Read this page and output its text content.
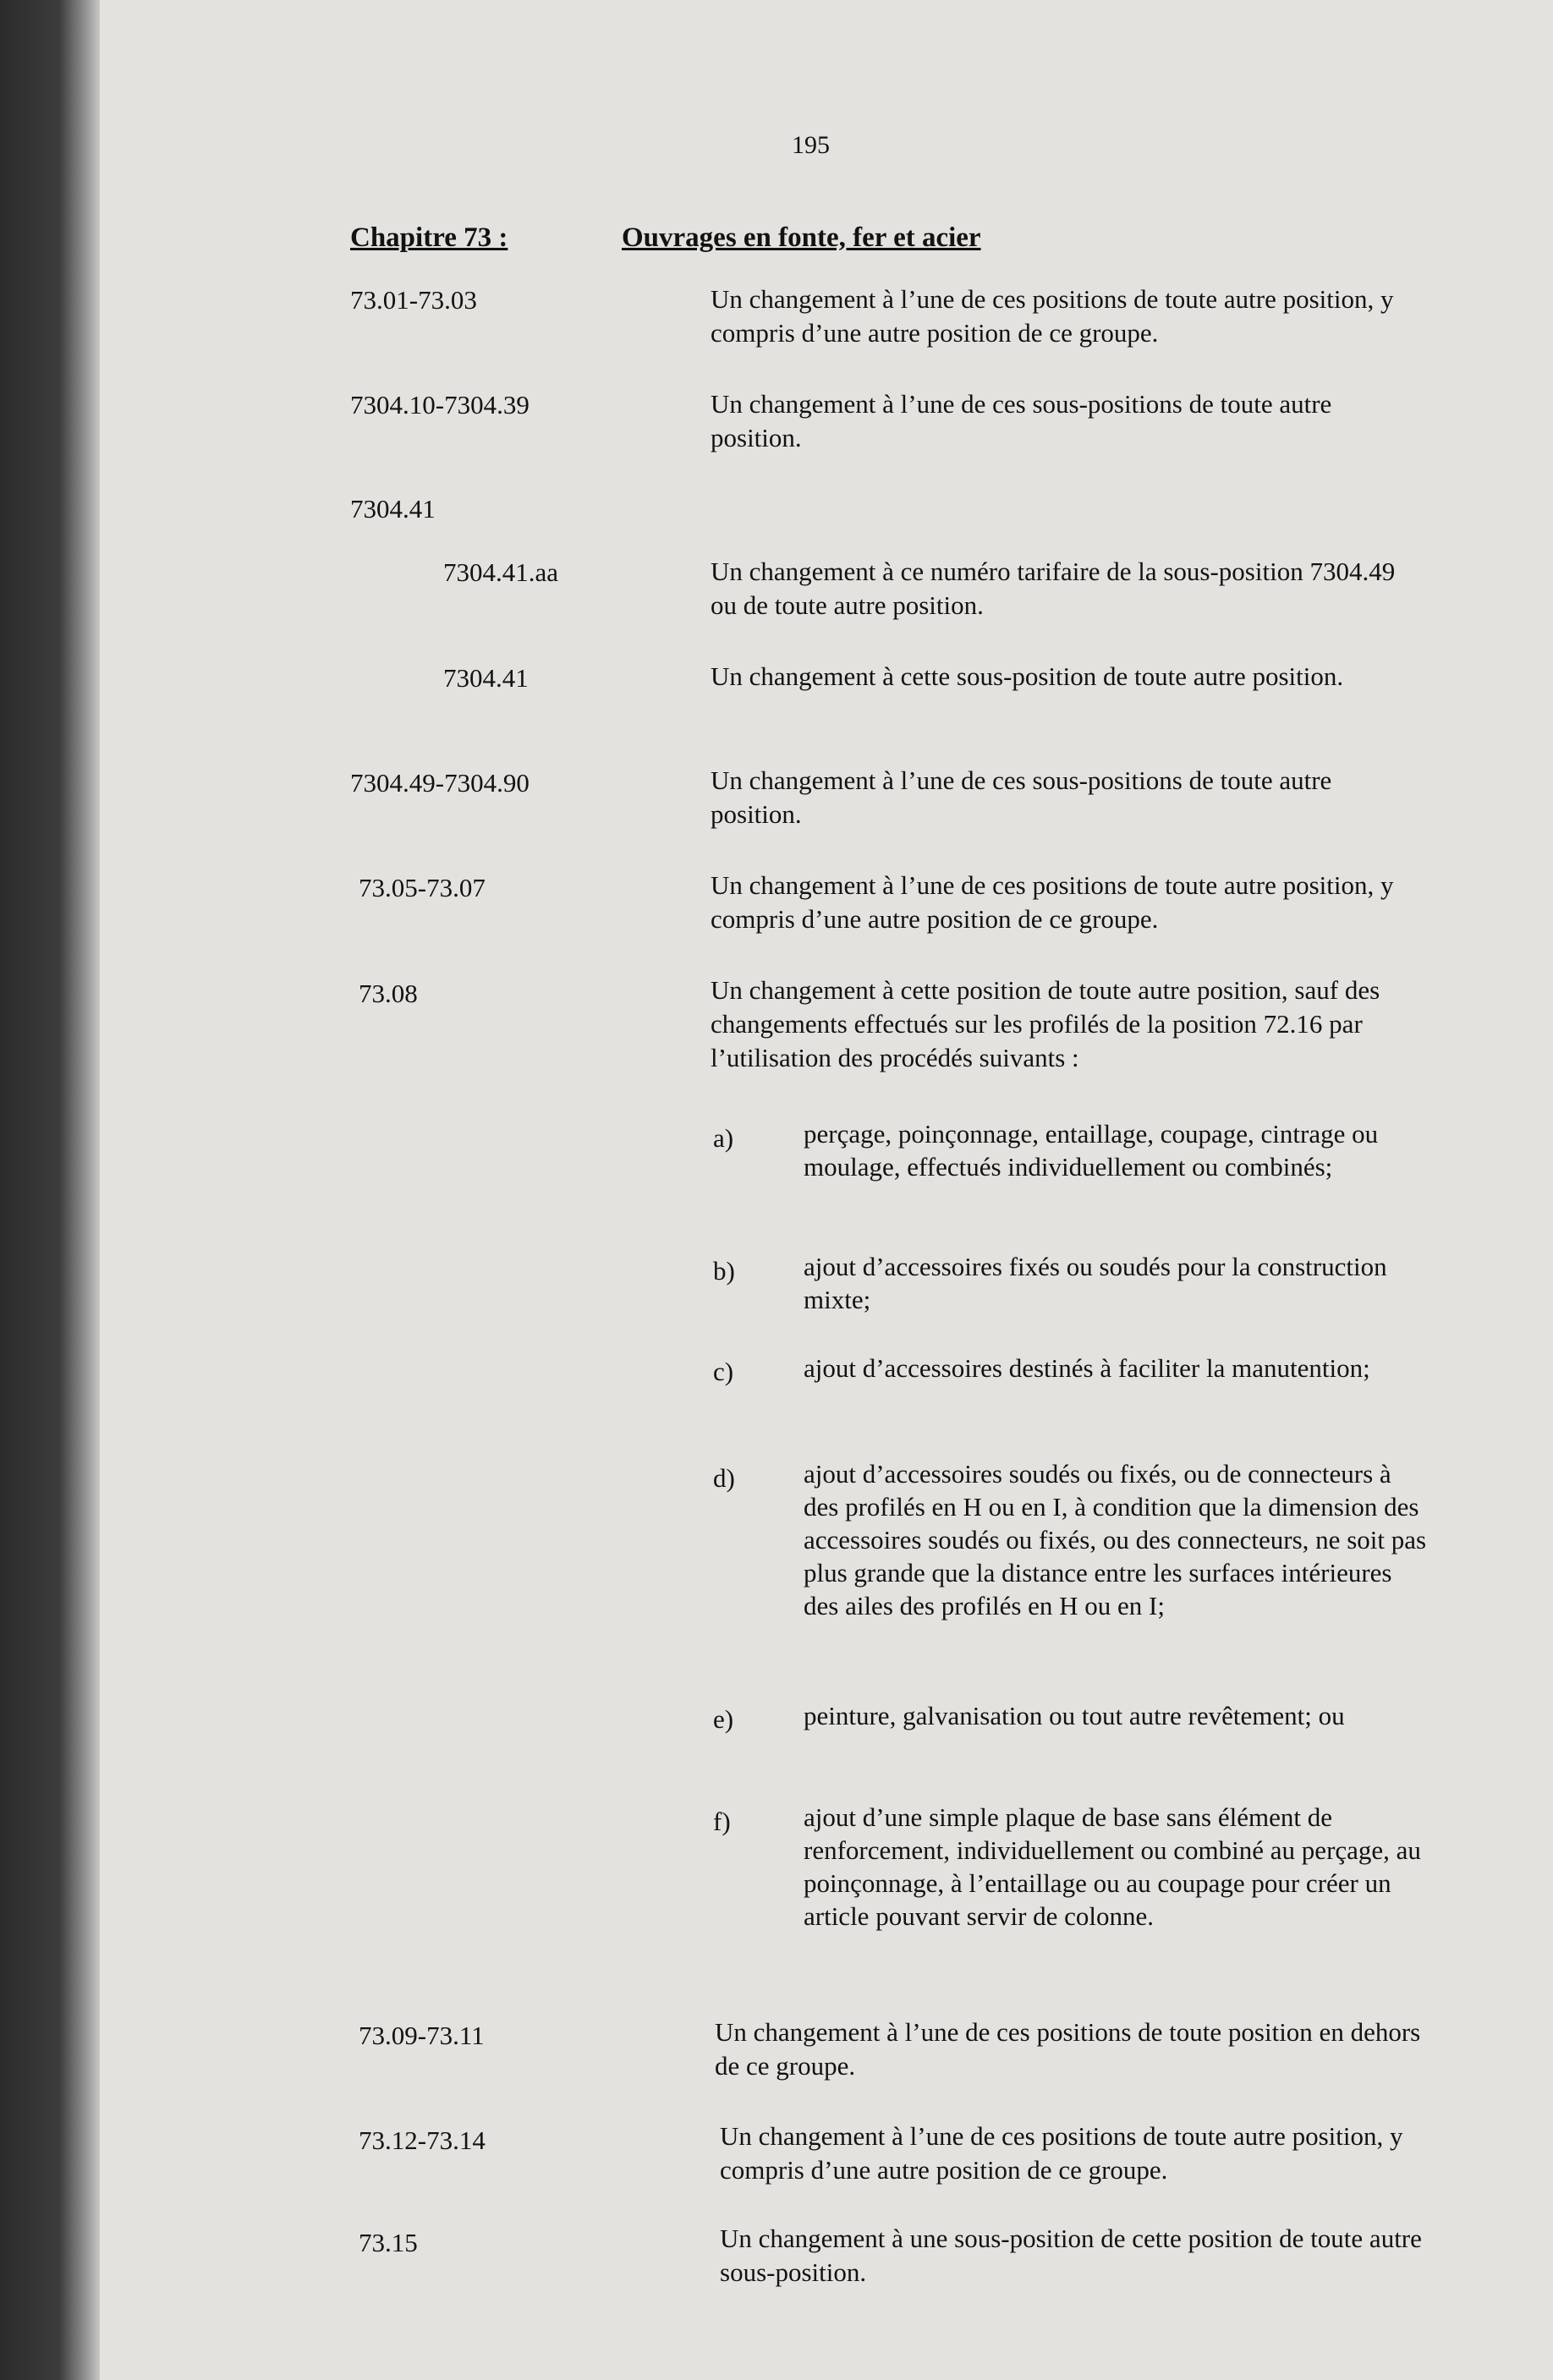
195
Chapitre 73 :	Ouvrages en fonte, fer et acier
73.01-73.03	Un changement à l’une de ces positions de toute autre position, y compris d’une autre position de ce groupe.
7304.10-7304.39	Un changement à l’une de ces sous-positions de toute autre position.
7304.41
7304.41.aa	Un changement à ce numéro tarifaire de la sous-position 7304.49 ou de toute autre position.
7304.41	Un changement à cette sous-position de toute autre position.
7304.49-7304.90	Un changement à l’une de ces sous-positions de toute autre position.
73.05-73.07	Un changement à l’une de ces positions de toute autre position, y compris d’une autre position de ce groupe.
73.08	Un changement à cette position de toute autre position, sauf des changements effectués sur les profilés de la position 72.16 par l’utilisation des procédés suivants :
a)	perçage, poinçonnage, entaillage, coupage, cintrage ou moulage, effectués individuellement ou combinés;
b)	ajout d’accessoires fixés ou soudés pour la construction mixte;
c)	ajout d’accessoires destinés à faciliter la manutention;
d)	ajout d’accessoires soudés ou fixés, ou de connecteurs à des profilés en H ou en I, à condition que la dimension des accessoires soudés ou fixés, ou des connecteurs, ne soit pas plus grande que la distance entre les surfaces intérieures des ailes des profilés en H ou en I;
e)	peinture, galvanisation ou tout autre revêtement; ou
f)	ajout d’une simple plaque de base sans élément de renforcement, individuellement ou combiné au perçage, au poinçonnage, à l’entaillage ou au coupage pour créer un article pouvant servir de colonne.
73.09-73.11	Un changement à l’une de ces positions de toute position en dehors de ce groupe.
73.12-73.14	Un changement à l’une de ces positions de toute autre position, y compris d’une autre position de ce groupe.
73.15	Un changement à une sous-position de cette position de toute autre sous-position.
